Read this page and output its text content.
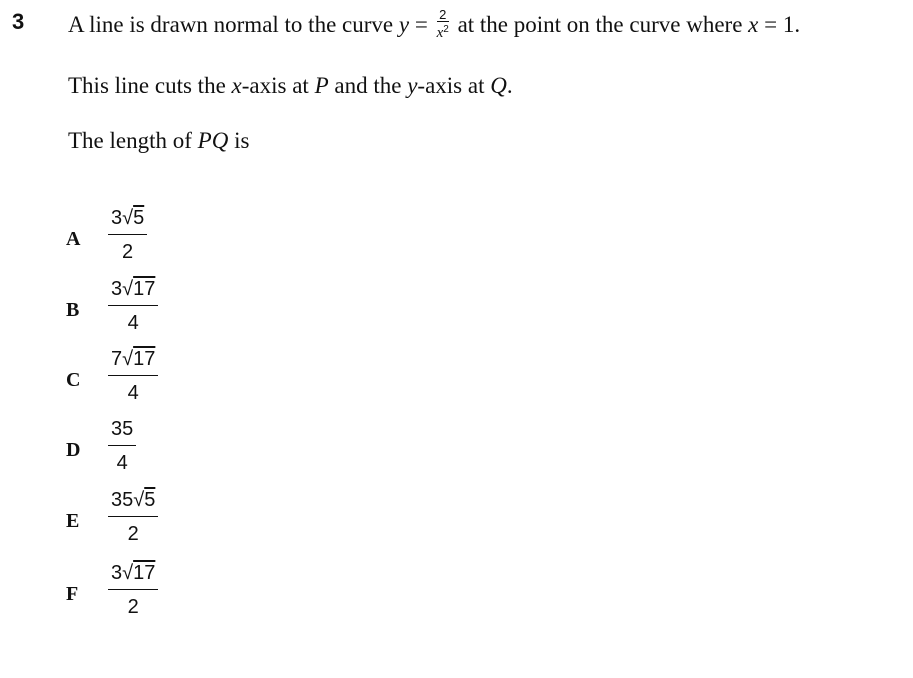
3 A line is drawn normal to the curve $y = \frac{2}{x^2}$ at the point on the curve where x = 1.
This line cuts the x-axis at P and the y-axis at Q.
The length of PQ is
A $\frac{3√5}{2}$
B $\frac{3√17}{4}$
C $\frac{7√17}{4}$
D $\frac{35}{4}$
E $\frac{35√5}{2}$
F $\frac{3√17}{2}$
